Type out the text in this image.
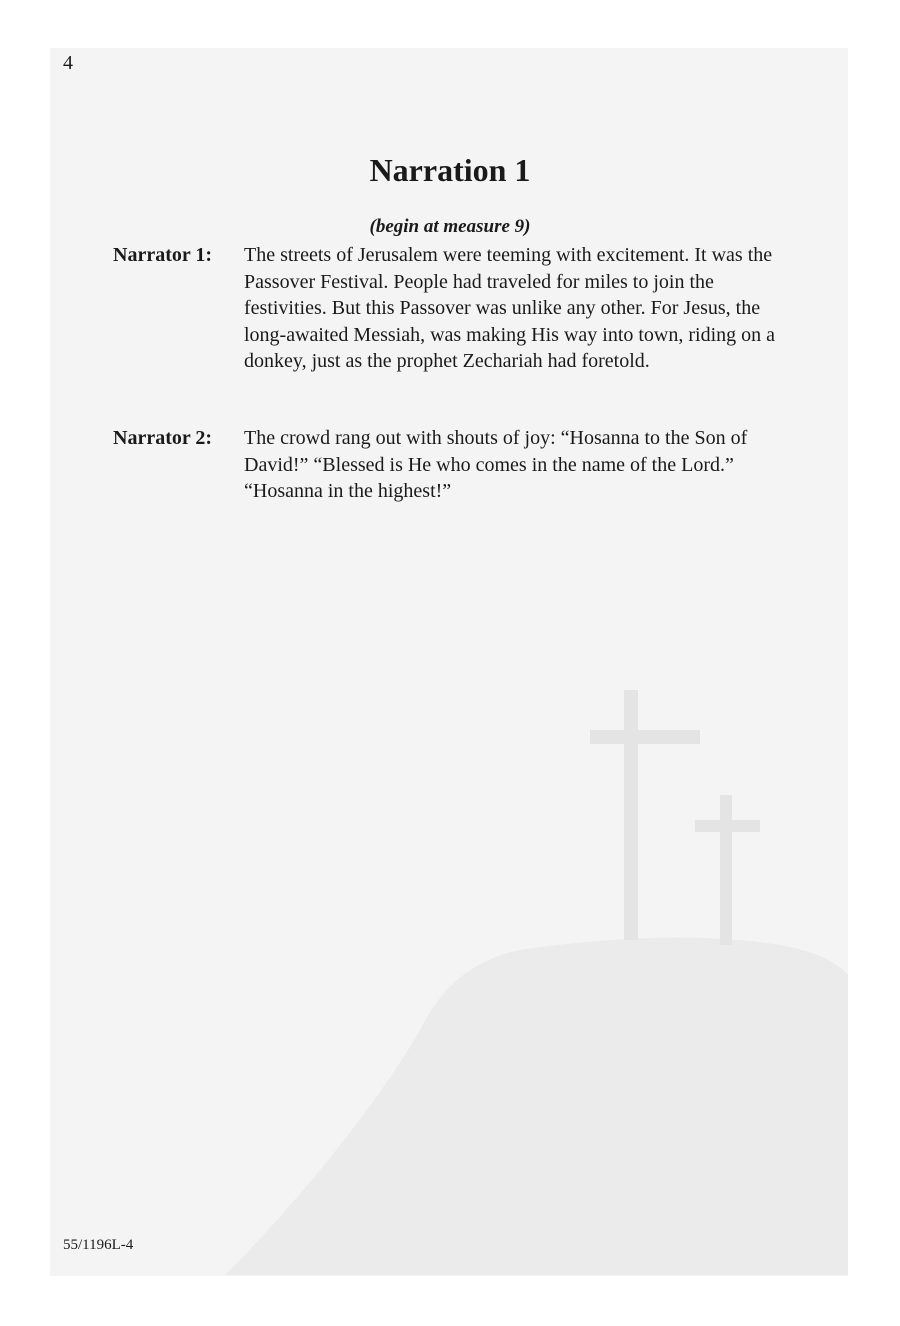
4
Narration 1
(begin at measure 9)
Narrator 1:	The streets of Jerusalem were teeming with excitement. It was the Passover Festival. People had traveled for miles to join the festivities. But this Passover was unlike any other. For Jesus, the long-awaited Messiah, was making His way into town, riding on a donkey, just as the prophet Zechariah had foretold.
Narrator 2:	The crowd rang out with shouts of joy: “Hosanna to the Son of David!” “Blessed is He who comes in the name of the Lord.” “Hosanna in the highest!”
55/1196L-4
